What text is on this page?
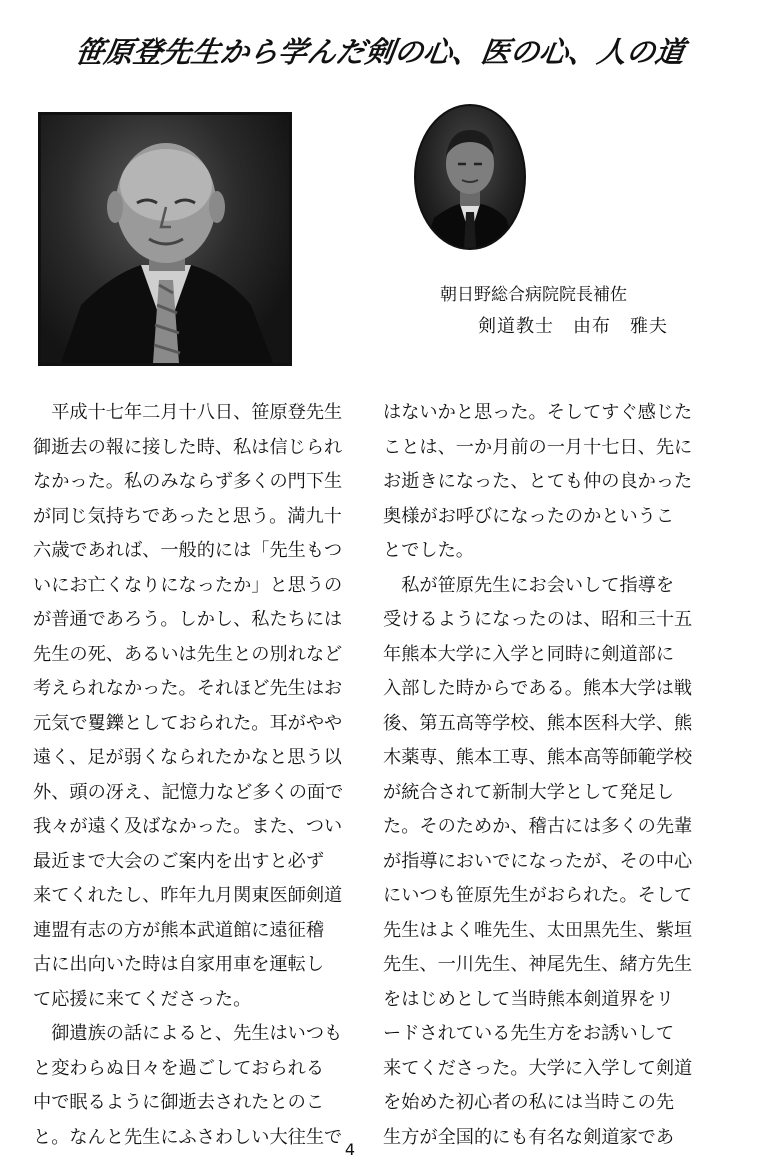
笹原登先生から学んだ剣の心、医の心、人の道
朝日野総合病院院長補佐
剣道教士　由布　雅夫
　平成十七年二月十八日、笹原登先生
御逝去の報に接した時、私は信じられ
なかった。私のみならず多くの門下生
が同じ気持ちであったと思う。満九十
六歳であれば、一般的には「先生もつ
いにお亡くなりになったか」と思うの
が普通であろう。しかし、私たちには
先生の死、あるいは先生との別れなど
考えられなかった。それほど先生はお
元気で矍鑠としておられた。耳がやや
遠く、足が弱くなられたかなと思う以
外、頭の冴え、記憶力など多くの面で
我々が遠く及ばなかった。また、つい
最近まで大会のご案内を出すと必ず
来てくれたし、昨年九月関東医師剣道
連盟有志の方が熊本武道館に遠征稽
古に出向いた時は自家用車を運転し
て応援に来てくださった。
　御遺族の話によると、先生はいつも
と変わらぬ日々を過ごしておられる
中で眠るように御逝去されたとのこ
と。なんと先生にふさわしい大往生で
はないかと思った。そしてすぐ感じた
ことは、一か月前の一月十七日、先に
お逝きになった、とても仲の良かった
奥様がお呼びになったのかというこ
とでした。
　私が笹原先生にお会いして指導を
受けるようになったのは、昭和三十五
年熊本大学に入学と同時に剣道部に
入部した時からである。熊本大学は戦
後、第五高等学校、熊本医科大学、熊
木薬専、熊本工専、熊本高等師範学校
が統合されて新制大学として発足し
た。そのためか、稽古には多くの先輩
が指導においでになったが、その中心
にいつも笹原先生がおられた。そして
先生はよく唯先生、太田黒先生、紫垣
先生、一川先生、神尾先生、緒方先生
をはじめとして当時熊本剣道界をリ
ードされている先生方をお誘いして
来てくださった。大学に入学して剣道
を始めた初心者の私には当時この先
生方が全国的にも有名な剣道家であ
4
